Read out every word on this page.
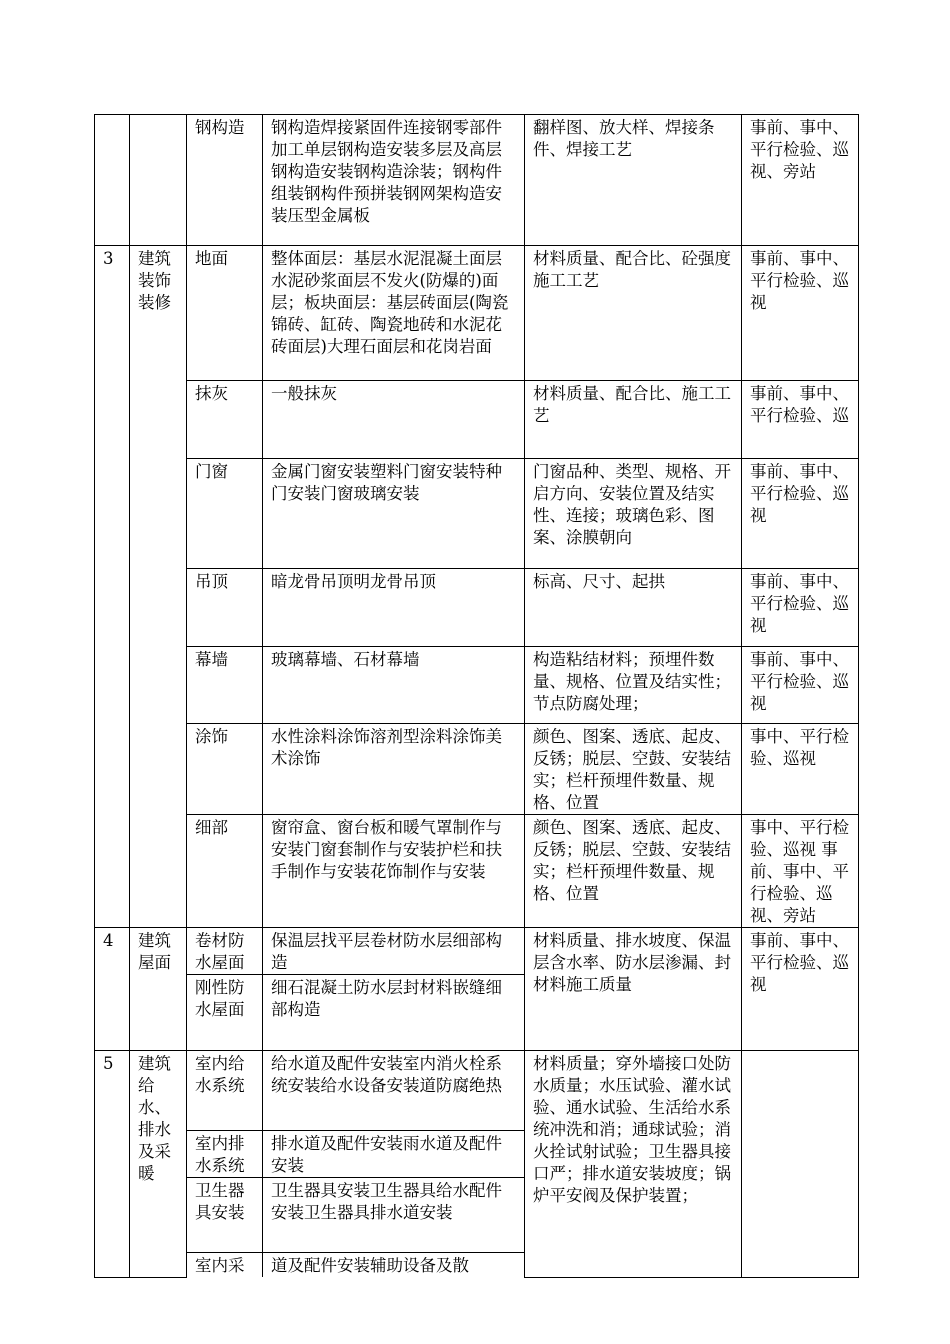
		钢构造	钢构造焊接紧固件连接钢零部件加工单层钢构造安装多层及高层钢构造安装钢构造涂装；钢构件组装钢构件预拼装钢网架构造安装压型金属板	翻样图、放大样、焊接条件、焊接工艺	事前、事中、平行检验、巡视、旁站
3	建筑装饰装修	地面	整体面层：基层水泥混凝土面层水泥砂浆面层不发火(防爆的)面层；板块面层：基层砖面层(陶瓷锦砖、缸砖、陶瓷地砖和水泥花砖面层)大理石面层和花岗岩面	材料质量、配合比、砼强度施工工艺	事前、事中、平行检验、巡视
		抹灰	一般抹灰	材料质量、配合比、施工工艺	事前、事中、平行检验、巡
		门窗	金属门窗安装塑料门窗安装特种门安装门窗玻璃安装	门窗品种、类型、规格、开启方向、安装位置及结实性、连接；玻璃色彩、图案、涂膜朝向	事前、事中、平行检验、巡视
		吊顶	暗龙骨吊顶明龙骨吊顶	标高、尺寸、起拱	事前、事中、平行检验、巡视
		幕墙	玻璃幕墙、石材幕墙	构造粘结材料；预埋件数量、规格、位置及结实性；节点防腐处理；	事前、事中、平行检验、巡视
		涂饰	水性涂料涂饰溶剂型涂料涂饰美术涂饰	颜色、图案、透底、起皮、反锈；脱层、空鼓、安装结实；栏杆预埋件数量、规格、位置	事中、平行检验、巡视
		细部	窗帘盒、窗台板和暖气罩制作与安装门窗套制作与安装护栏和扶手制作与安装花饰制作与安装	颜色、图案、透底、起皮、反锈；脱层、空鼓、安装结实；栏杆预埋件数量、规格、位置	事中、平行检验、巡视 事前、事中、平行检验、巡视、旁站
4	建筑屋面	卷材防水屋面	保温层找平层卷材防水层细部构造	材料质量、排水坡度、保温层含水率、防水层渗漏、封材料施工质量	事前、事中、平行检验、巡视
		刚性防水屋面	细石混凝土防水层封材料嵌缝细部构造		
5	建筑给水、排水及采暖	室内给水系统	给水道及配件安装室内消火栓系统安装给水设备安装道防腐绝热	材料质量；穿外墙接口处防水质量；水压试验、灌水试验、通水试验、生活给水系统冲洗和消；通球试验；消火拴试射试验；卫生器具接口严；排水道安装坡度；锅炉平安阀及保护装置；	
		室内排水系统	排水道及配件安装雨水道及配件安装		
		卫生器具安装	卫生器具安装卫生器具给水配件安装卫生器具排水道安装		
		室内采	道及配件安装辅助设备及散		
